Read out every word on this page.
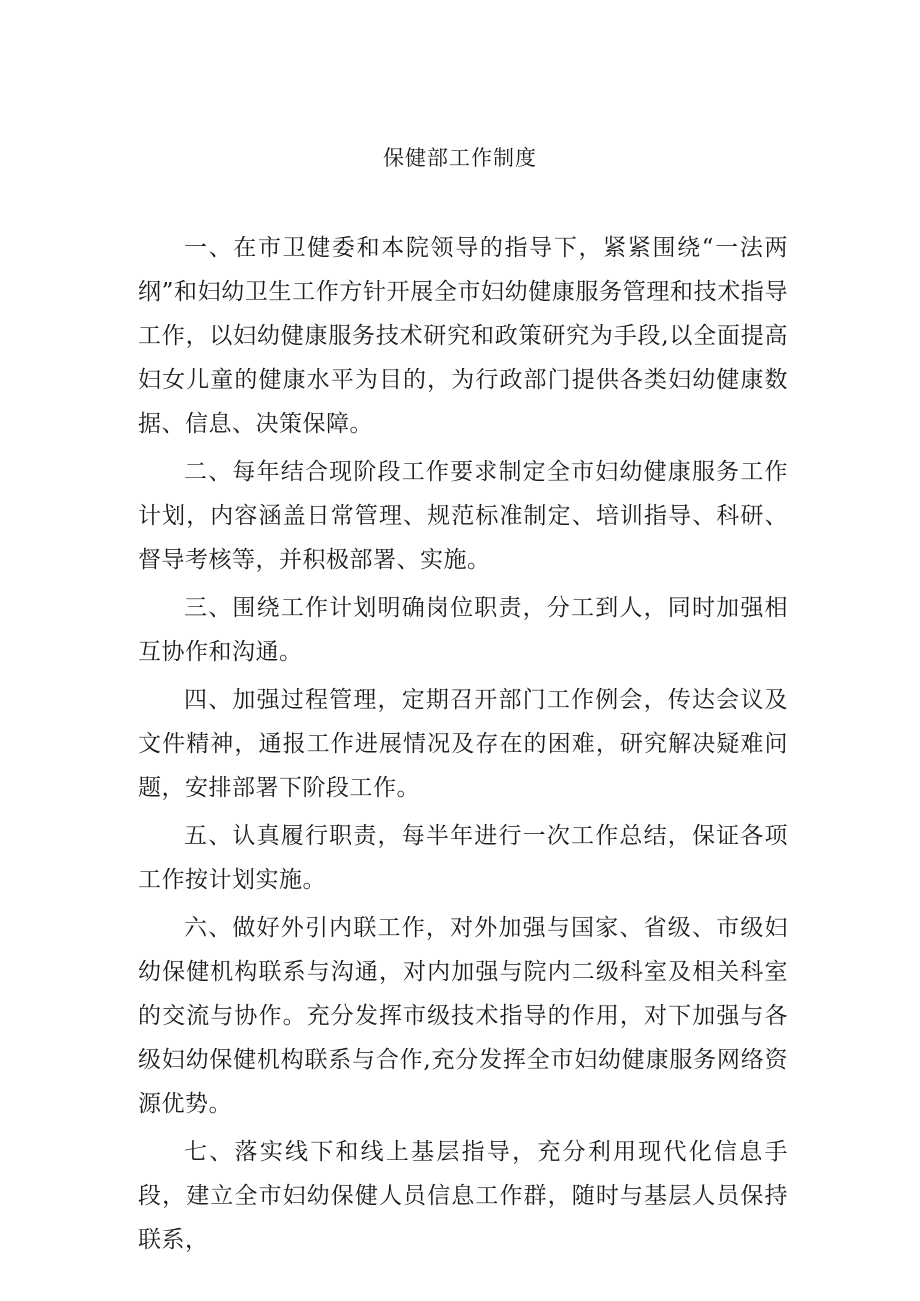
保健部工作制度

一、在市卫健委和本院领导的指导下，紧紧围绕“一法两纲”和妇幼卫生工作方针开展全市妇幼健康服务管理和技术指导工作，以妇幼健康服务技术研究和政策研究为手段,以全面提高妇女儿童的健康水平为目的，为行政部门提供各类妇幼健康数据、信息、决策保障。

二、每年结合现阶段工作要求制定全市妇幼健康服务工作计划，内容涵盖日常管理、规范标准制定、培训指导、科研、督导考核等，并积极部署、实施。

三、围绕工作计划明确岗位职责，分工到人，同时加强相互协作和沟通。

四、加强过程管理，定期召开部门工作例会，传达会议及文件精神，通报工作进展情况及存在的困难，研究解决疑难问题，安排部署下阶段工作。

五、认真履行职责，每半年进行一次工作总结，保证各项工作按计划实施。

六、做好外引内联工作，对外加强与国家、省级、市级妇幼保健机构联系与沟通，对内加强与院内二级科室及相关科室的交流与协作。充分发挥市级技术指导的作用，对下加强与各级妇幼保健机构联系与合作,充分发挥全市妇幼健康服务网络资源优势。

七、落实线下和线上基层指导，充分利用现代化信息手段，建立全市妇幼保健人员信息工作群，随时与基层人员保持联系，
